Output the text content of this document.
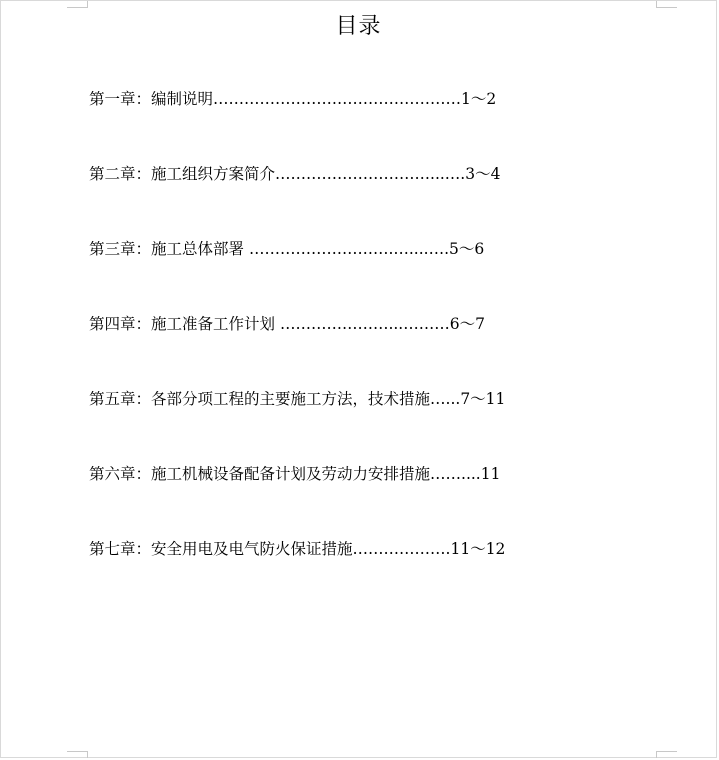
目录
第一章：编制说明…………………………………………1～2
第二章：施工组织方案简介…………………………...….3～4
第三章：施工总体部署 ……………………….…....….5～6
第四章：施工准备工作计划 …………………...………6～7
第五章：各部分项工程的主要施工方法，技术措施…...7～11
第六章：施工机械设备配备计划及劳动力安排措施……....11
第七章：安全用电及电气防火保证措施……………….11～12
